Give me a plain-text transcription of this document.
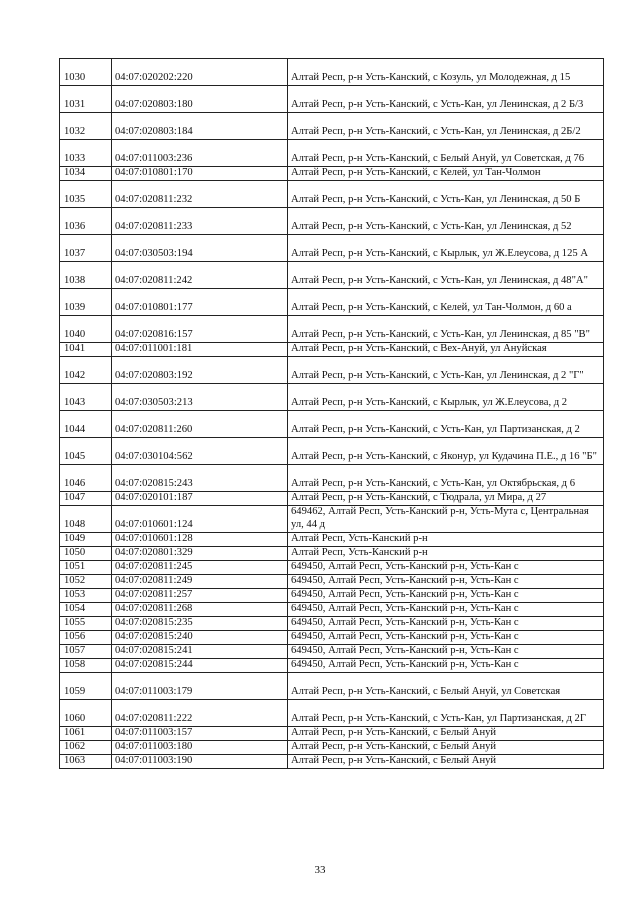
1030	04:07:020202:220	Алтай Респ, р-н Усть-Канский, с Козуль, ул Молодежная, д 15
1031	04:07:020803:180	Алтай Респ, р-н Усть-Канский, с Усть-Кан, ул Ленинская, д 2 Б/3
1032	04:07:020803:184	Алтай Респ, р-н Усть-Канский, с Усть-Кан, ул Ленинская, д 2Б/2
1033	04:07:011003:236	Алтай Респ, р-н Усть-Канский, с Белый Ануй, ул Советская, д 76
1034	04:07:010801:170	Алтай Респ, р-н Усть-Канский, с Келей, ул Тан-Чолмон
1035	04:07:020811:232	Алтай Респ, р-н Усть-Канский, с Усть-Кан, ул Ленинская, д 50 Б
1036	04:07:020811:233	Алтай Респ, р-н Усть-Канский, с Усть-Кан, ул Ленинская, д 52
1037	04:07:030503:194	Алтай Респ, р-н Усть-Канский, с Кырлык, ул Ж.Елеусова, д 125 А
1038	04:07:020811:242	Алтай Респ, р-н Усть-Канский, с Усть-Кан, ул Ленинская, д 48"А"
1039	04:07:010801:177	Алтай Респ, р-н Усть-Канский, с Келей, ул Тан-Чолмон, д 60 а
1040	04:07:020816:157	Алтай Респ, р-н Усть-Канский, с Усть-Кан, ул Ленинская, д 85 "В"
1041	04:07:011001:181	Алтай Респ, р-н Усть-Канский, с Вех-Ануй, ул Ануйская
1042	04:07:020803:192	Алтай Респ, р-н Усть-Канский, с Усть-Кан, ул Ленинская, д 2 "Г"
1043	04:07:030503:213	Алтай Респ, р-н Усть-Канский, с Кырлык, ул Ж.Елеусова, д 2
1044	04:07:020811:260	Алтай Респ, р-н Усть-Канский, с Усть-Кан, ул Партизанская, д 2
1045	04:07:030104:562	Алтай Респ, р-н Усть-Канский, с Яконур, ул Кудачина П.Е., д 16 "Б"
1046	04:07:020815:243	Алтай Респ, р-н Усть-Канский, с Усть-Кан, ул Октябрьская, д 6
1047	04:07:020101:187	Алтай Респ, р-н Усть-Канский, с Тюдрала, ул Мира, д 27
1048	04:07:010601:124	649462, Алтай Респ, Усть-Канский р-н, Усть-Мута с, Центральная ул, 44 д
1049	04:07:010601:128	Алтай Респ, Усть-Канский р-н
1050	04:07:020801:329	Алтай Респ, Усть-Канский р-н
1051	04:07:020811:245	649450, Алтай Респ, Усть-Канский р-н, Усть-Кан с
1052	04:07:020811:249	649450, Алтай Респ, Усть-Канский р-н, Усть-Кан с
1053	04:07:020811:257	649450, Алтай Респ, Усть-Канский р-н, Усть-Кан с
1054	04:07:020811:268	649450, Алтай Респ, Усть-Канский р-н, Усть-Кан с
1055	04:07:020815:235	649450, Алтай Респ, Усть-Канский р-н, Усть-Кан с
1056	04:07:020815:240	649450, Алтай Респ, Усть-Канский р-н, Усть-Кан с
1057	04:07:020815:241	649450, Алтай Респ, Усть-Канский р-н, Усть-Кан с
1058	04:07:020815:244	649450, Алтай Респ, Усть-Канский р-н, Усть-Кан с
1059	04:07:011003:179	Алтай Респ, р-н Усть-Канский, с Белый Ануй, ул Советская
1060	04:07:020811:222	Алтай Респ, р-н Усть-Канский, с Усть-Кан, ул Партизанская, д 2Г
1061	04:07:011003:157	Алтай Респ, р-н Усть-Канский, с Белый Ануй
1062	04:07:011003:180	Алтай Респ, р-н Усть-Канский, с Белый Ануй
1063	04:07:011003:190	Алтай Респ, р-н Усть-Канский, с Белый Ануй
33
